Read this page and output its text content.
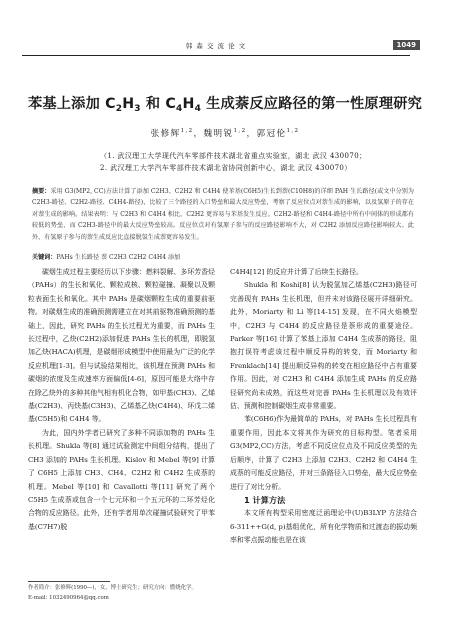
韩 森 交 流 论 文	1049
苯基上添加 $C_2H_3$ 和 $C_4H_4$ 生成萘反应路径的第一性原理研究
张修辉$^{1,2}$，魏明锐$^{1,2}$，郭冠伦$^{1,2}$
（1. 武汉理工大学现代汽车零部件技术湖北省重点实验室，湖北 武汉 430070；
2. 武汉理工大学汽车零部件技术湖北省协同创新中心，湖北 武汉 430070）
摘要：采用 G3(MP2, CC)方法计算了添加 C2H3、C2H2 和 C4H4 使苯基(C6H5)生长到萘(C10H8)的详细 PAH 生长路径(或文中分别为 C2H3-路径、C2H2-路径、C4H4-路径)，比较了三个路径的入口势垒和最大反应势垒，考察了反应位点对萘生成的影响，以及氢原子的存在对萘生成的影响。结果表明：与 C2H3 和 C4H4 相比，C2H2 更容易与苯基发生反应。C2H2-路径和 C4H4-路径中所有中间体的形成都有较低的势垒，而 C2H3-路径中的最大反应势垒较高。反应位点对有氢原子参与的反应路径影响不大，对 C2H2 添加反应路径影响较大。此外，有氢原子参与的萘生成反应比直接脱氢生成萘更容易发生。
关键词：PAHs 生长路径 萘 C2H3 C2H2 C4H4 添加

碳烟生成过程主要经历以下步骤：燃料裂解、多环芳香烃（PAHs）的生长和氧化、颗粒成核、颗粒碰撞、凝聚以及颗粒表面生长和氧化。其中 PAHs 是碳烟颗粒生成的重要前驱物。对碳烟生成的准确预测需建立在对其前驱物准确预测的基础上，因此，研究 PAHs 的生长过程尤为重要，而 PAHs 生长过程中，乙炔(C2H2)添加促进 PAHs 生长的机理，即脱氢加乙炔(HACA)机理，是碳烟形成模型中使用最为广泛的化学反应机理[1-3]。但与试验结果相比，该机理在预测 PAHs 和碳烟的浓度及生成速率方面偏低[4-6]，原因可能是大络中存在除乙炔外的多种其他气相有机化合物，如甲基(CH3)、乙烯基(C2H3)、丙炔基(C3H3)、乙烯基乙炔(C4H4)、环戊二烯基(C5H5)和 C4H4 等。

为此，国内外学者已研究了多种不同添加物的 PAHs 生长机理。Shukla 等[8] 通过试验测定中间组分结构，提出了 CH3 添加的 PAHs 生长机理。Kislov 和 Mebel 等[9] 计算了 C6H5 上添加 CH3、CH4、C2H2 和 C4H2 生成萘的机理。Mebel 等[10] 和 Cavallotti 等[11] 研究了两个 C5H5 生成萘或包含一个七元环和一个五元环的二环芳烃化合物的反应路径。此外，还有学者用单次碰撞试验研究了甲苯基(C7H7)脱

C4H4[12] 的反应并计算了后续生长路径。

Shukla 和 Koshi[8] 认为脱氢加乙烯基(C2H3)路径可完善现有 PAHs 生长机理，但并未对该路径展开详细研究。此外，Moriarty 和 Li 等[14-15] 发现，在不同火焰模型中，C2H3 与 C4H4 的反应路径是萘形成的重要途径。Parker 等[16] 计算了苯基上添加 C4H4 生成萘的路径，阻抱打误符考虑该过程中顺反异构的转变，而 Moriarty 和 Frenklach[14] 提出顺反异构的转变在相应路径中占有重要作用。因此，对 C2H3 和 C4H4 添加生成 PAHs 的反应路径研究尚未成熟，而这些对完善 PAHs 生长机理以及有效评估、预测和控制碳烟生成非常重要。

苯(C6H6)作为最简单的 PAHs，对 PAHs 生长过程具有重要作用，因此本文将其作为研究的目标构型。笔者采用 G3(MP2,CC)方法，考虑不同反应位点及不同反应类型的先后顺序，计算了 C2H3 上添加 C2H3、C2H2 和 C4H4 生成萘的可能反应路径，并对三条路径入口势垒，最大反应势垒进行了对比分析。

1 计算方法

本文所有构型采用密度泛函理论中(U)B3LYP 方法结合 6-311++G(d, p)基组优化，所有化学物质和过渡态的振动频率和零点振动能也是在该

作者简介：张修辉(1990—)，女，博士研究生；研究方向：燃烧化学。
E-mail: 1032490964@qq.com
